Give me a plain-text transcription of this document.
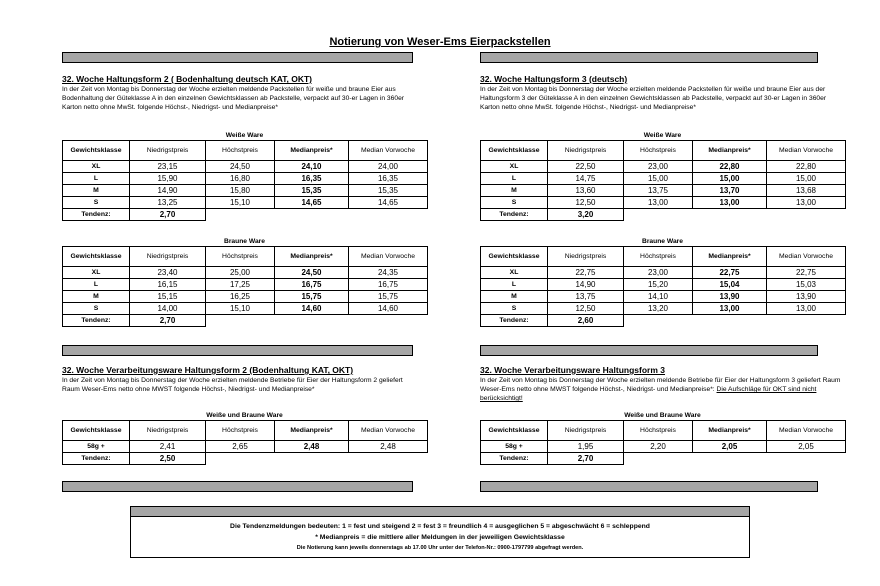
Notierung von Weser-Ems Eierpackstellen
32. Woche Haltungsform 2 ( Bodenhaltung deutsch KAT, OKT)

In der Zeit von Montag bis Donnerstag der Woche erzielten meldende Packstellen für weiße und braune Eier aus Bodenhaltung der Güteklasse A in den einzelnen Gewichtsklassen ab Packstelle, verpackt auf 30-er Lagen in 360er Karton netto ohne MwSt. folgende Höchst-, Niedrigst- und Medianpreise*

Weiße Ware
Gewichtsklasse	Niedrigstpreis	Höchstpreis	Medianpreis*	Median Vorwoche
XL	23,15	24,50	24,10	24,00
L	15,90	16,80	16,35	16,35
M	14,90	15,80	15,35	15,35
S	13,25	15,10	14,65	14,65
Tendenz:	2,70			
Braune Ware
Gewichtsklasse	Niedrigstpreis	Höchstpreis	Medianpreis*	Median Vorwoche
XL	23,40	25,00	24,50	24,35
L	16,15	17,25	16,75	16,75
M	15,15	16,25	15,75	15,75
S	14,00	15,10	14,60	14,60
Tendenz:	2,70			
32. Woche Haltungsform 3 (deutsch)

In der Zeit von Montag bis Donnerstag der Woche erzielten meldende Packstellen für weiße und braune Eier aus der Haltungsform 3 der Güteklasse A in den einzelnen Gewichtsklassen ab Packstelle, verpackt auf 30-er Lagen in 360er Karton netto ohne MwSt. folgende Höchst-, Niedrigst- und Medianpreise*

Weiße Ware
Gewichtsklasse	Niedrigstpreis	Höchstpreis	Medianpreis*	Median Vorwoche
XL	22,50	23,00	22,80	22,80
L	14,75	15,00	15,00	15,00
M	13,60	13,75	13,70	13,68
S	12,50	13,00	13,00	13,00
Tendenz:	3,20			
Braune Ware
Gewichtsklasse	Niedrigstpreis	Höchstpreis	Medianpreis*	Median Vorwoche
XL	22,75	23,00	22,75	22,75
L	14,90	15,20	15,04	15,03
M	13,75	14,10	13,90	13,90
S	12,50	13,20	13,00	13,00
Tendenz:	2,60			
32. Woche Verarbeitungsware Haltungsform 2 (Bodenhaltung KAT, OKT)

In der Zeit von Montag bis Donnerstag der Woche erzielten meldende Betriebe für Eier der Haltungsform 2 geliefert Raum Weser-Ems netto ohne MWST folgende Höchst-, Niedrigst- und Medianpreise*

Weiße und Braune Ware
Gewichtsklasse	Niedrigstpreis	Höchstpreis	Medianpreis*	Median Vorwoche
58g +	2,41	2,65	2,48	2,48
Tendenz:	2,50			
32. Woche Verarbeitungsware Haltungsform 3

In der Zeit von Montag bis Donnerstag der Woche erzielten meldende Betriebe für Eier der Haltungsform 3 geliefert Raum Weser-Ems netto ohne MWST folgende Höchst-, Niedrigst- und Medianpreise*: Die Aufschläge für OKT sind nicht berücksichtigt!

Weiße und Braune Ware
Gewichtsklasse	Niedrigstpreis	Höchstpreis	Medianpreis*	Median Vorwoche
58g +	1,95	2,20	2,05	2,05
Tendenz:	2,70			
Die Tendenzmeldungen bedeuten: 1 = fest und steigend 2 = fest 3 = freundlich 4 = ausgeglichen 5 = abgeschwächt 6 = schleppend
* Medianpreis = die mittlere aller Meldungen in der jeweiligen Gewichtsklasse
Die Notierung kann jeweils donnerstags ab 17.00 Uhr unter der Telefon-Nr.: 0900-1797799 abgefragt werden.
